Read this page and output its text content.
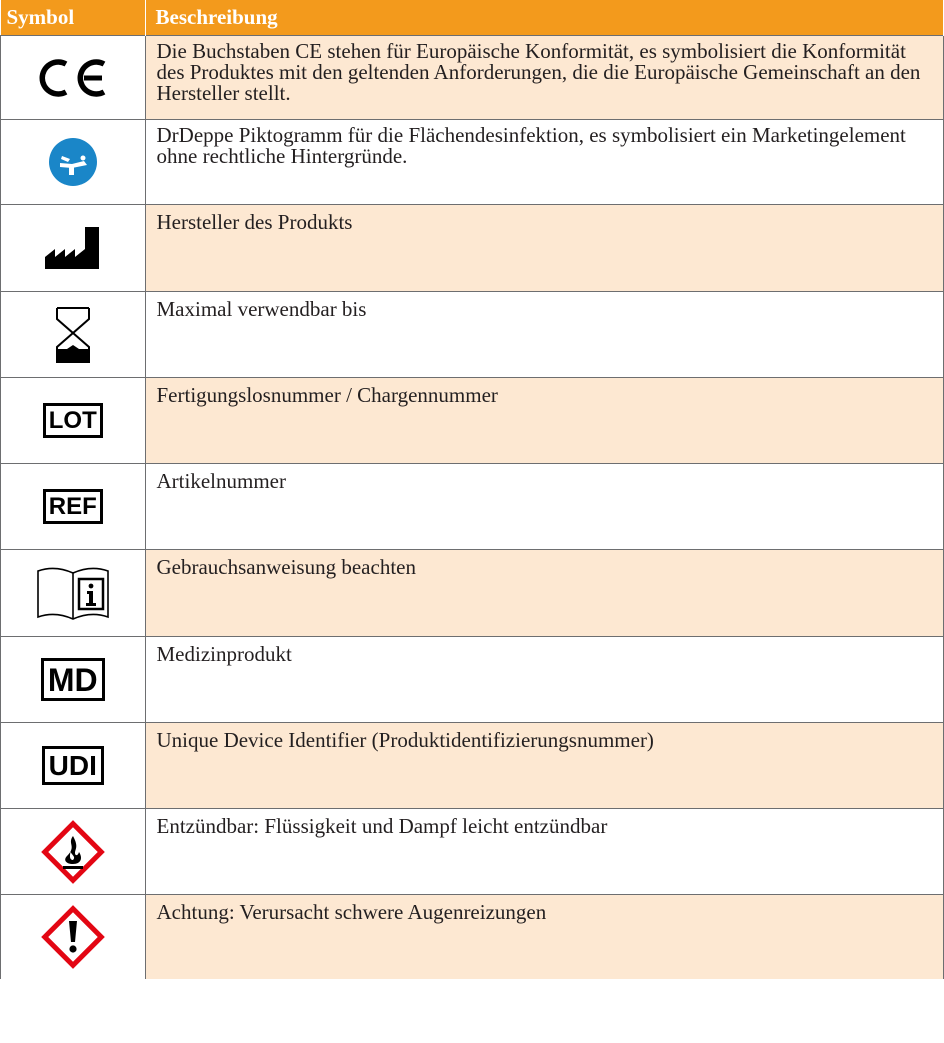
Symbol	Beschreibung

	Die Buchstaben CE stehen für Europäische Konformität, es symbolisiert die Konformität des Produktes mit den geltenden Anforderungen, die die Europäische Gemeinschaft an den Hersteller stellt.

	DrDeppe Piktogramm für die Flächendesinfektion, es symbolisiert ein Marketingelement ohne rechtliche Hintergründe.

	Hersteller des Produkts

	Maximal verwendbar bis
LOT	Fertigungslosnummer / Chargennummer
REF	Artikelnummer

	Gebrauchsanweisung beachten
MD	Medizinprodukt
UDI	Unique Device Identifier (Produktidentifizierungsnummer)

	Entzündbar: Flüssigkeit und Dampf leicht entzündbar

	Achtung: Verursacht schwere Augenreizungen
